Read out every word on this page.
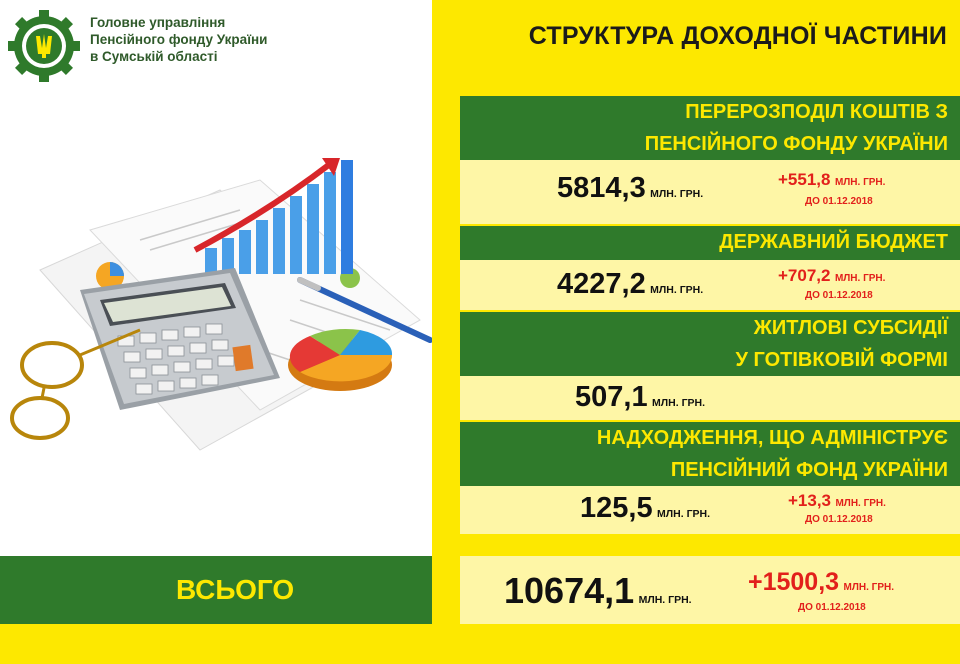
Головне управління
Пенсійного фонду України
в Сумській області
СТРУКТУРА ДОХОДНОЇ ЧАСТИНИ
ПЕРЕРОЗПОДІЛ КОШТІВ З
ПЕНСІЙНОГО ФОНДУ УКРАЇНИ
5814,3 МЛН. ГРН.
+551,8 МЛН. ГРН.
ДО 01.12.2018
ДЕРЖАВНИЙ БЮДЖЕТ
4227,2 МЛН. ГРН.
+707,2 МЛН. ГРН.
ДО 01.12.2018
ЖИТЛОВІ СУБСИДІЇ
У ГОТІВКОВІЙ ФОРМІ
507,1 МЛН. ГРН.
НАДХОДЖЕННЯ, ЩО АДМІНІСТРУЄ
ПЕНСІЙНИЙ ФОНД УКРАЇНИ
125,5 МЛН. ГРН.
+13,3 МЛН. ГРН.
ДО 01.12.2018
ВСЬОГО	10674,1 МЛН. ГРН.
+1500,3 МЛН. ГРН.
ДО 01.12.2018
